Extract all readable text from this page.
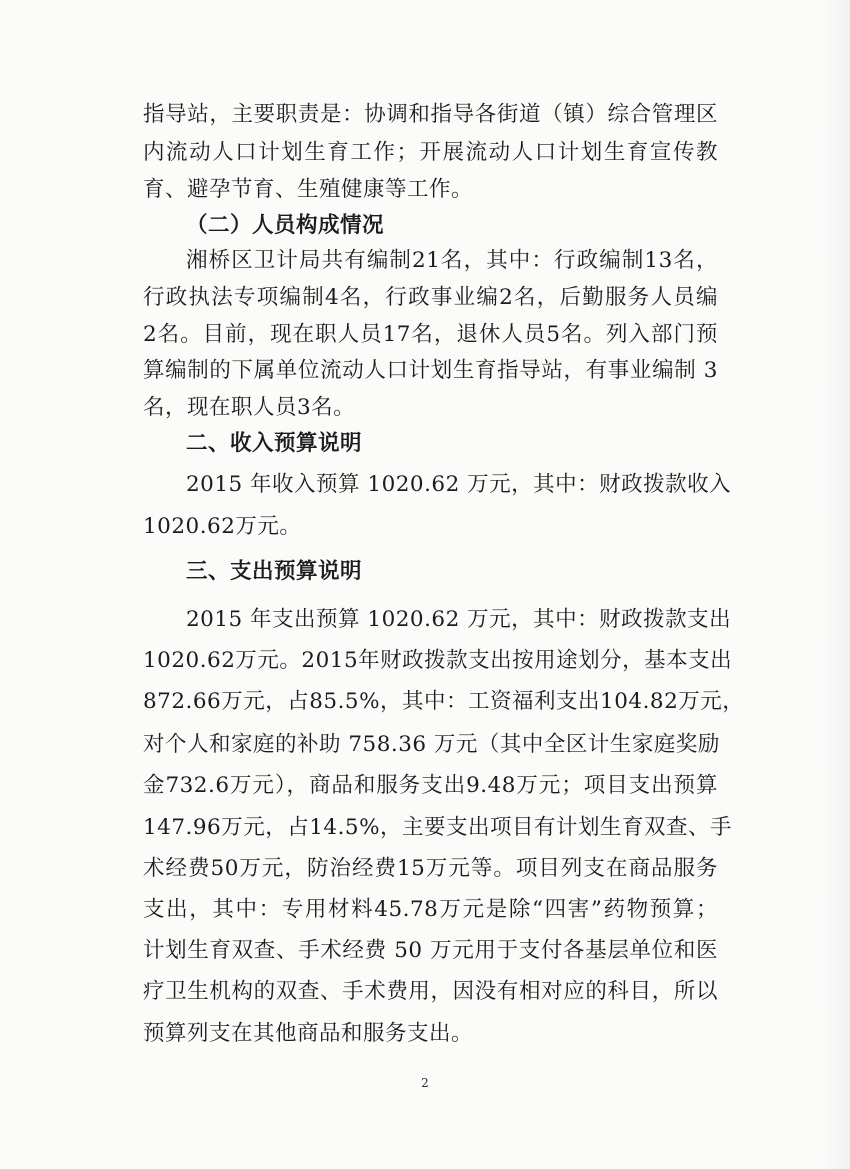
指导站，主要职责是：协调和指导各街道（镇）综合管理区
内流动人口计划生育工作；开展流动人口计划生育宣传教
育、避孕节育、生殖健康等工作。
（二）人员构成情况
湘桥区卫计局共有编制21名，其中：行政编制13名，
行政执法专项编制4名，行政事业编2名，后勤服务人员编
2名。目前，现在职人员17名，退休人员5名。列入部门预
算编制的下属单位流动人口计划生育指导站，有事业编制 3
名，现在职人员3名。
二、收入预算说明
2015 年收入预算 1020.62 万元，其中：财政拨款收入
1020.62万元。
三、支出预算说明
2015 年支出预算 1020.62 万元，其中：财政拨款支出
1020.62万元。2015年财政拨款支出按用途划分，基本支出
872.66万元，占85.5%，其中：工资福利支出104.82万元，
对个人和家庭的补助 758.36 万元（其中全区计生家庭奖励
金732.6万元），商品和服务支出9.48万元；项目支出预算
147.96万元，占14.5%，主要支出项目有计划生育双查、手
术经费50万元，防治经费15万元等。项目列支在商品服务
支出，其中：专用材料45.78万元是除“四害”药物预算；
计划生育双查、手术经费 50 万元用于支付各基层单位和医
疗卫生机构的双查、手术费用，因没有相对应的科目，所以
预算列支在其他商品和服务支出。
2
